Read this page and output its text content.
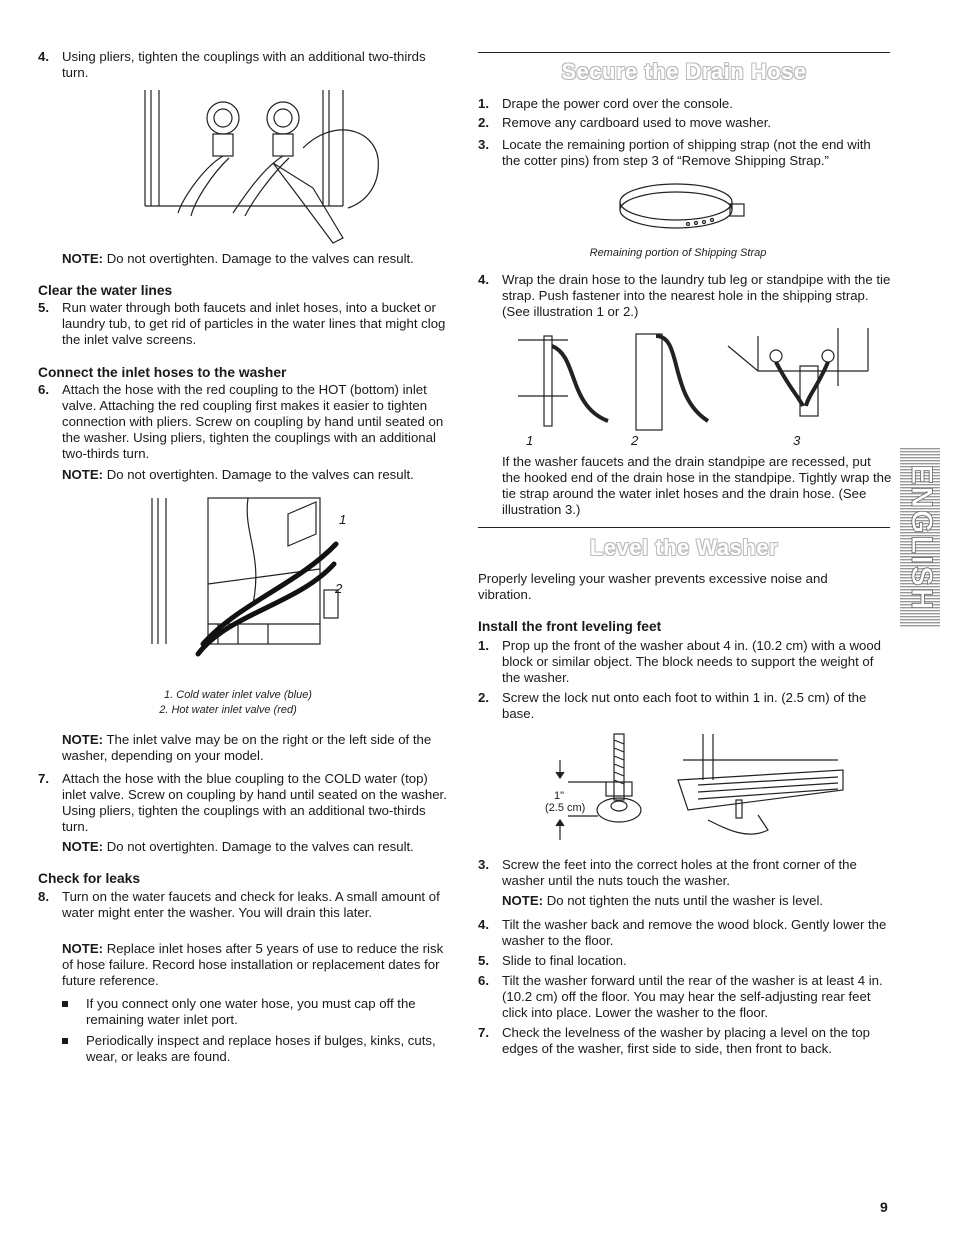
4. Using pliers, tighten the couplings with an additional two-thirds turn.
NOTE: Do not overtighten. Damage to the valves can result.
Clear the water lines
5. Run water through both faucets and inlet hoses, into a bucket or laundry tub, to get rid of particles in the water lines that might clog the inlet valve screens.
Connect the inlet hoses to the washer
6. Attach the hose with the red coupling to the HOT (bottom) inlet valve. Attaching the red coupling first makes it easier to tighten connection with pliers. Screw on coupling by hand until seated on the washer. Using pliers, tighten the couplings with an additional two-thirds turn.
NOTE: Do not overtighten. Damage to the valves can result.
1
2
1. Cold water inlet valve (blue)
2. Hot water inlet valve (red)
NOTE: The inlet valve may be on the right or the left side of the washer, depending on your model.
7. Attach the hose with the blue coupling to the COLD water (top) inlet valve. Screw on coupling by hand until seated on the washer. Using pliers, tighten the couplings with an additional two-thirds turn.
NOTE: Do not overtighten. Damage to the valves can result.
Check for leaks
8. Turn on the water faucets and check for leaks. A small amount of water might enter the washer. You will drain this later.
NOTE: Replace inlet hoses after 5 years of use to reduce the risk of hose failure. Record hose installation or replacement dates for future reference.
If you connect only one water hose, you must cap off the remaining water inlet port.
Periodically inspect and replace hoses if bulges, kinks, cuts, wear, or leaks are found.
Secure the Drain Hose
1. Drape the power cord over the console.
2. Remove any cardboard used to move washer.
3. Locate the remaining portion of shipping strap (not the end with the cotter pins) from step 3 of “Remove Shipping Strap.”
Remaining portion of Shipping Strap
4. Wrap the drain hose to the laundry tub leg or standpipe with the tie strap. Push fastener into the nearest hole in the shipping strap. (See illustration 1 or 2.)
1	2	3
If the washer faucets and the drain standpipe are recessed, put the hooked end of the drain hose in the standpipe. Tightly wrap the tie strap around the water inlet hoses and the drain hose. (See illustration 3.)
Level the Washer
Properly leveling your washer prevents excessive noise and vibration.
Install the front leveling feet
1. Prop up the front of the washer about 4 in. (10.2 cm) with a wood block or similar object. The block needs to support the weight of the washer.
2. Screw the lock nut onto each foot to within 1 in. (2.5 cm) of the base.
1"
(2.5 cm)
3. Screw the feet into the correct holes at the front corner of the washer until the nuts touch the washer.
NOTE: Do not tighten the nuts until the washer is level.
4. Tilt the washer back and remove the wood block. Gently lower the washer to the floor.
5. Slide to final location.
6. Tilt the washer forward until the rear of the washer is at least 4 in. (10.2 cm) off the floor. You may hear the self-adjusting rear feet click into place. Lower the washer to the floor.
7. Check the levelness of the washer by placing a level on the top edges of the washer, first side to side, then front to back.
ENGLISH
9
